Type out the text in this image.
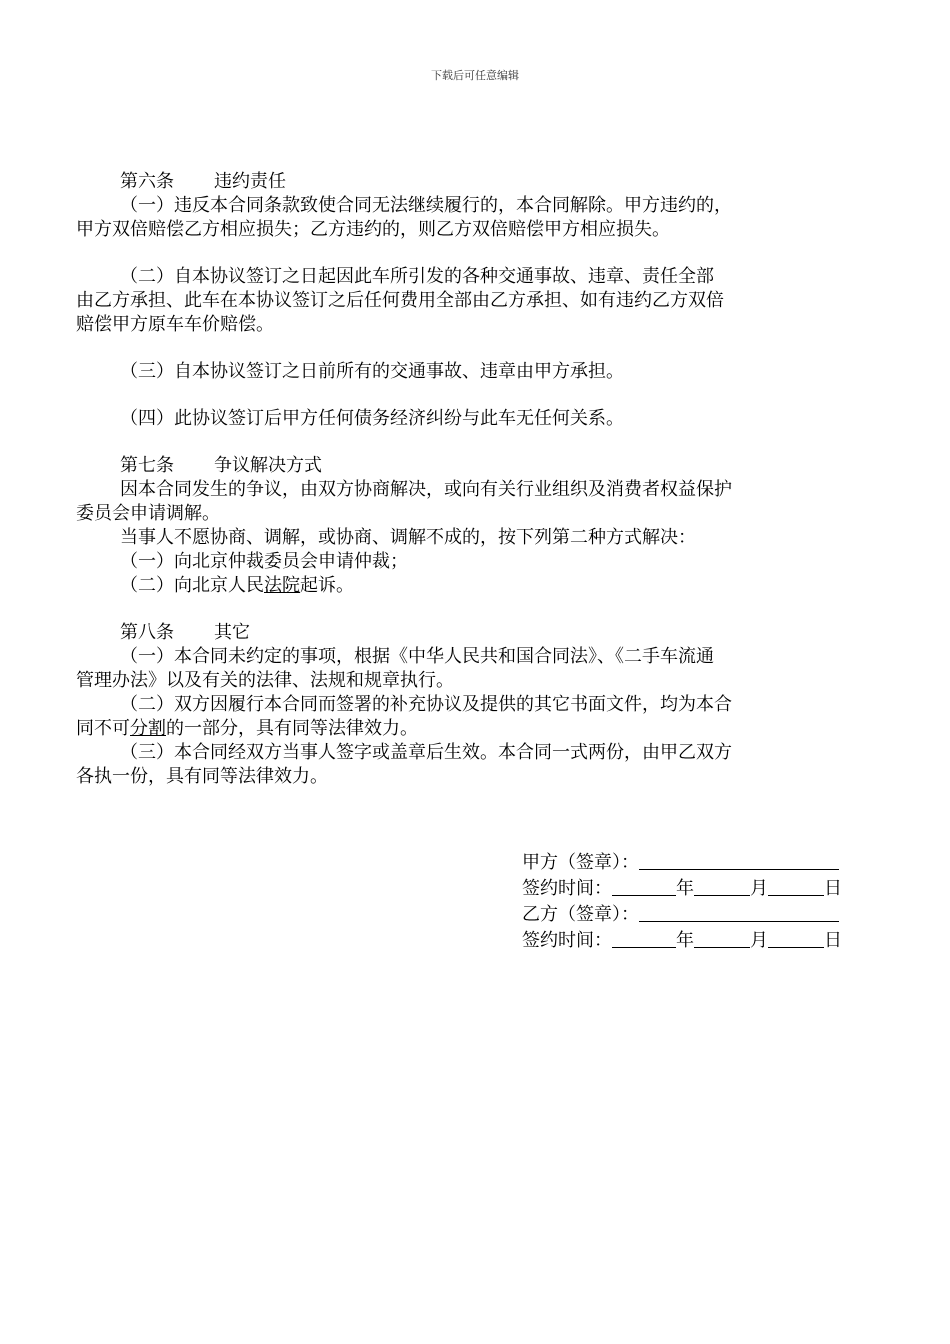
下载后可任意编辑
第六条 违约责任
（一）违反本合同条款致使合同无法继续履行的，本合同解除。甲方违约的，
甲方双倍赔偿乙方相应损失；乙方违约的，则乙方双倍赔偿甲方相应损失。
（二）自本协议签订之日起因此车所引发的各种交通事故、违章、责任全部
由乙方承担、此车在本协议签订之后任何费用全部由乙方承担、如有违约乙方双倍
赔偿甲方原车车价赔偿。
（三）自本协议签订之日前所有的交通事故、违章由甲方承担。
（四）此协议签订后甲方任何债务经济纠纷与此车无任何关系。
第七条 争议解决方式
因本合同发生的争议，由双方协商解决，或向有关行业组织及消费者权益保护
委员会申请调解。
当事人不愿协商、调解，或协商、调解不成的，按下列第二种方式解决：
（一）向北京仲裁委员会申请仲裁；
（二）向北京人民法院起诉。
第八条 其它
（一）本合同未约定的事项，根据《中华人民共和国合同法》、《二手车流通
管理办法》以及有关的法律、法规和规章执行。
（二）双方因履行本合同而签署的补充协议及提供的其它书面文件，均为本合
同不可分割的一部分，具有同等法律效力。
（三）本合同经双方当事人签字或盖章后生效。本合同一式两份，由甲乙双方
各执一份，具有同等法律效力。
甲方（签章）：
签约时间：	年	月	日
乙方（签章）：
签约时间：	年	月	日
